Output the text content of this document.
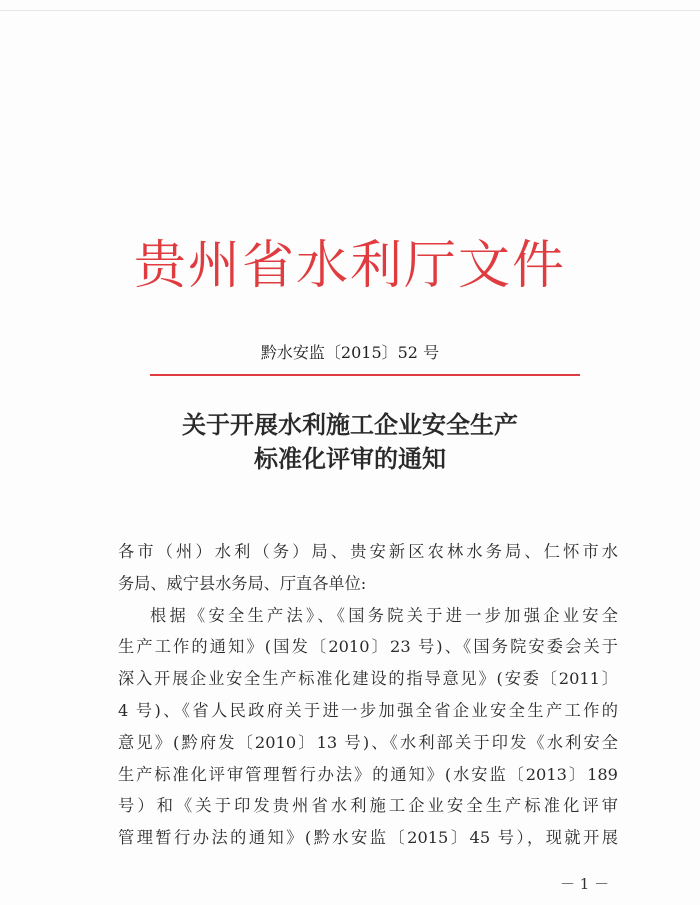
贵州省水利厅文件
黔水安监〔2015〕52 号
关于开展水利施工企业安全生产
标准化评审的通知
各市（州）水利（务）局、贵安新区农林水务局、仁怀市水
务局、威宁县水务局、厅直各单位:
根据《安全生产法》、《国务院关于进一步加强企业安全
生产工作的通知》(国发〔2010〕23 号)、《国务院安委会关于
深入开展企业安全生产标准化建设的指导意见》(安委〔2011〕
4 号)、《省人民政府关于进一步加强全省企业安全生产工作的
意见》(黔府发〔2010〕13 号)、《水利部关于印发《水利安全
生产标准化评审管理暂行办法》的通知》(水安监〔2013〕189
号）和《关于印发贵州省水利施工企业安全生产标准化评审
管理暂行办法的通知》(黔水安监〔2015〕45 号），现就开展
－ 1 －
